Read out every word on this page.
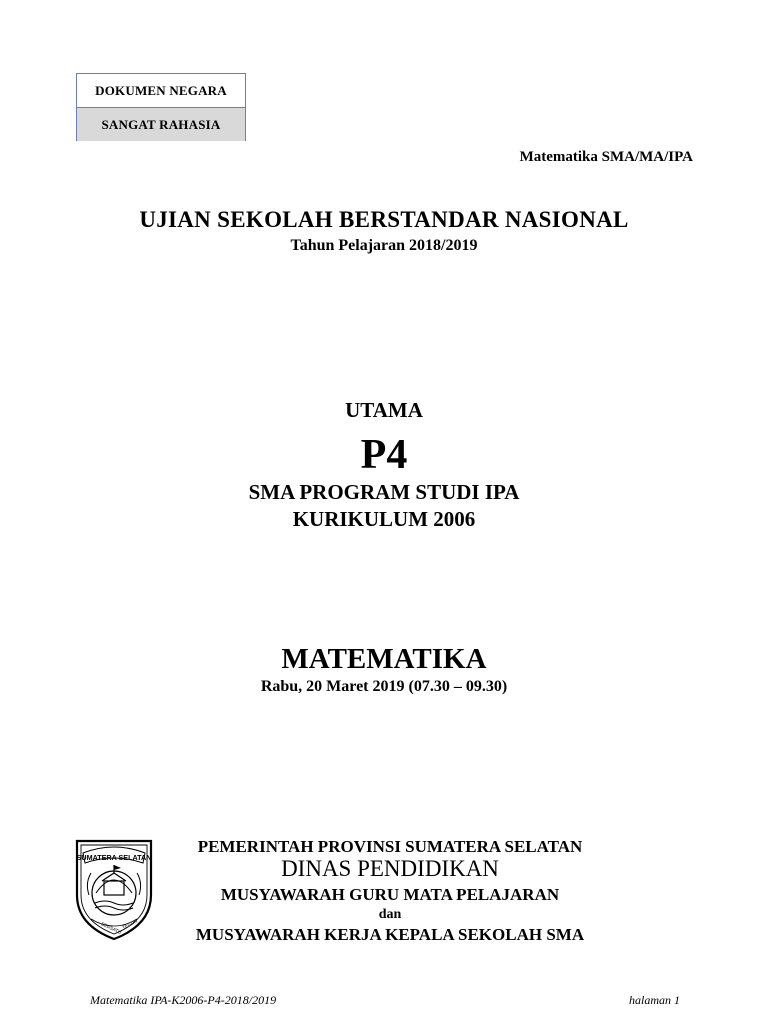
DOKUMEN NEGARA
SANGAT RAHASIA
Matematika SMA/MA/IPA
UJIAN SEKOLAH BERSTANDAR NASIONAL
Tahun Pelajaran 2018/2019
UTAMA
P4
SMA PROGRAM STUDI IPA
KURIKULUM 2006
MATEMATIKA
Rabu, 20 Maret 2019 (07.30 – 09.30)
SUMATERA SELATAN
BERSATU TEGUH
PEMERINTAH PROVINSI SUMATERA SELATAN
DINAS PENDIDIKAN
MUSYAWARAH GURU MATA PELAJARAN
dan
MUSYAWARAH KERJA KEPALA SEKOLAH SMA
Matematika IPA-K2006-P4-2018/2019	halaman 1
